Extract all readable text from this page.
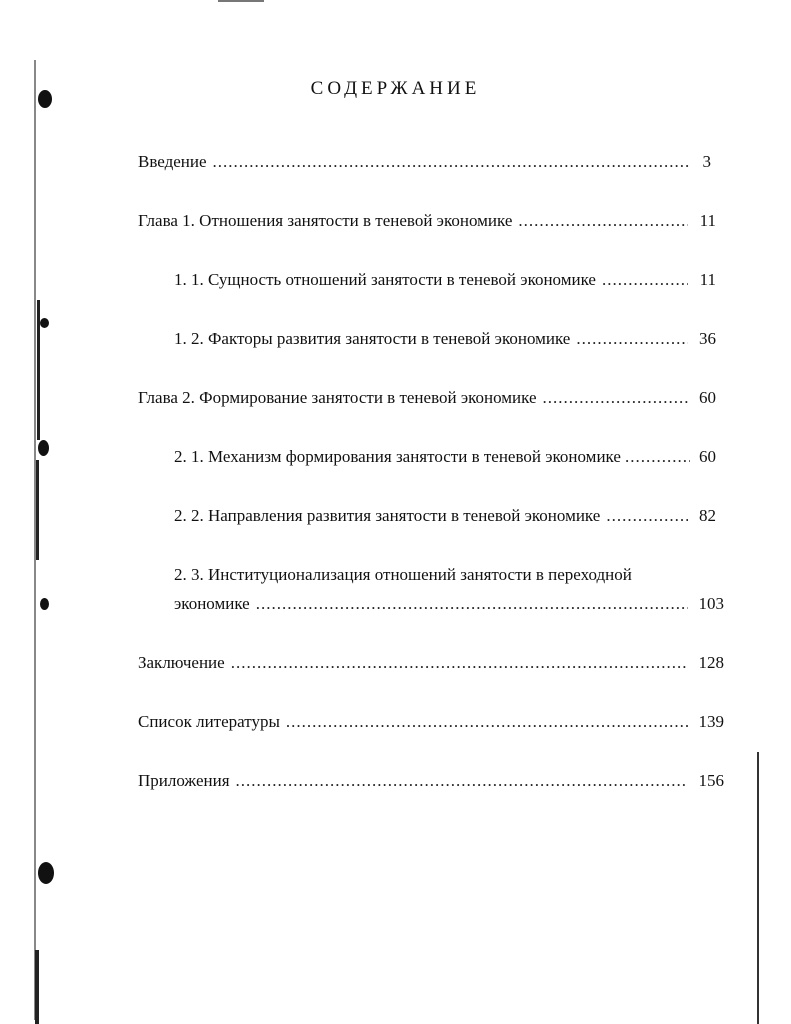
СОДЕРЖАНИЕ
Введение .....	3
Глава 1. Отношения занятости в теневой экономике .....	11
1. 1. Сущность отношений занятости в теневой экономике .....	11
1. 2. Факторы развития занятости в теневой экономике .....	36
Глава 2. Формирование занятости в теневой экономике .....	60
2. 1. Механизм формирования занятости в теневой экономике .....	60
2. 2. Направления развития занятости в теневой экономике .....	82
2. 3. Институционализация отношений занятости в переходной
экономике .....	103
Заключение .....	128
Список литературы .....	139
Приложения .....	156
